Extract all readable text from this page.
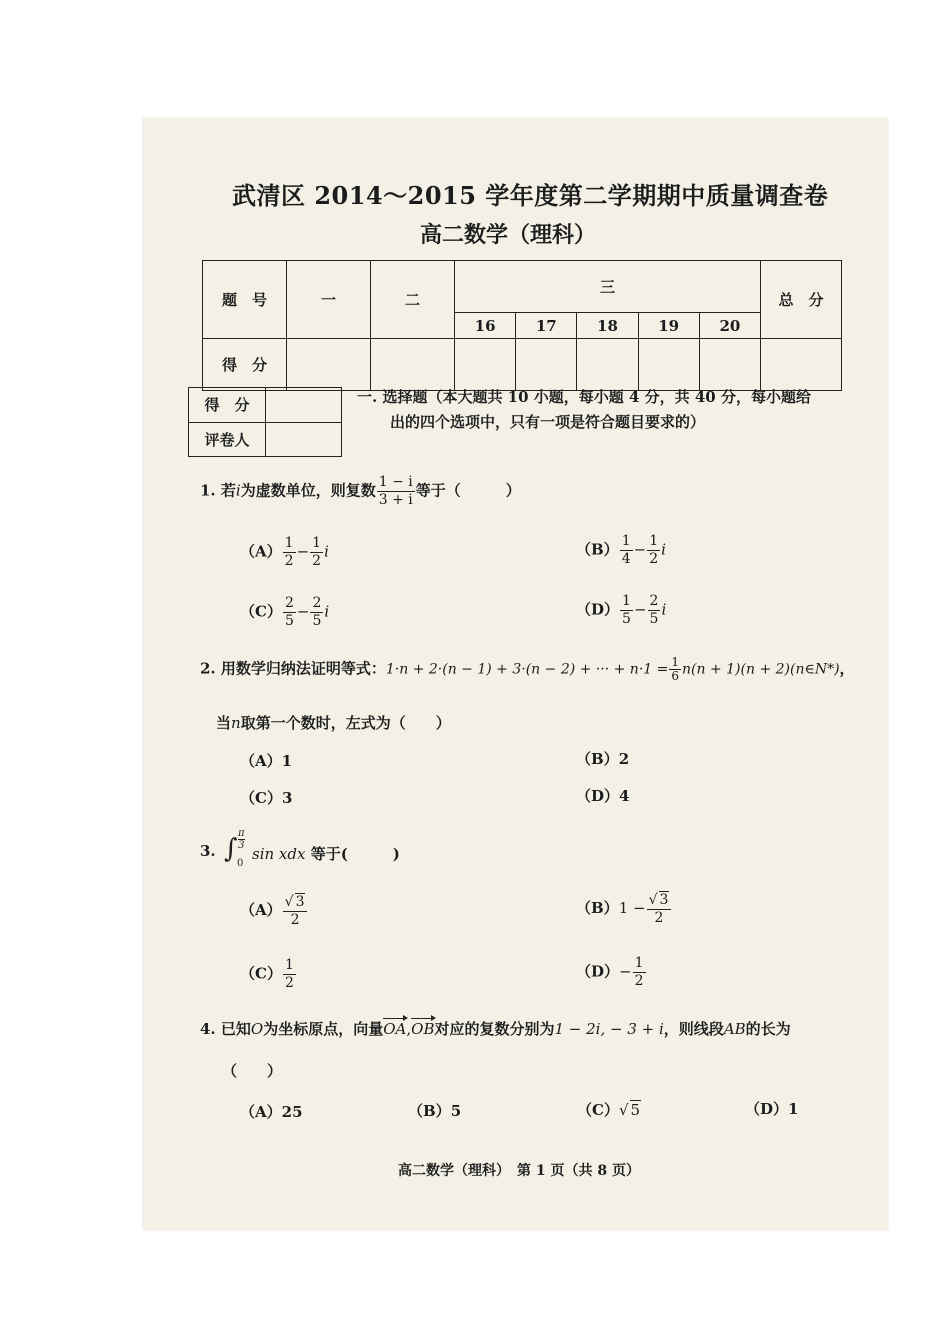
武清区 2014～2015 学年度第二学期期中质量调查卷
高二数学（理科）
题　号	一	二	三					总　分
			16	17	18	19	20	
得　分								
得　分	
评卷人	
一. 选择题（本大题共 10 小题，每小题 4 分，共 40 分，每小题给
出的四个选项中，只有一项是符合题目要求的）
1. 若i为虚数单位，则复数 $\frac{1 - i}{3 + i}$ 等于（　　　）
$(A) \frac{1}{2} - \frac{1}{2}$ i	$(B) \frac{1}{4} - \frac{1}{2}$ i
$(C) \frac{2}{5} - \frac{2}{5}$ i	$(D) \frac{1}{5} - \frac{2}{5}$ i
2. 用数学归纳法证明等式：1·n + 2·(n − 1) + 3·(n − 2) + ··· + $n\cdot 1 = \frac{1}{6} n(n + 1)(n$ + 2)(n∈N*)，
当n取第一个数时，左式为（　　）
（A）1	（B）2
（C）3	（D）4
3. ∫
π
3
0
sin xdx 等于(　　　)
$(A) \frac{√ 3}{2}$	$(B)1 - \frac{√ 3}{2}$
$(C) \frac{1}{2}$	$(D)- \frac{1}{2}$
4. 已知O为坐标原点，向量OA,OB对应的复数分别为1 − 2i, − 3 + i，则线段AB的长为
（　　）
（A）25	（B）5	（C）√ 5	（D）1
高二数学（理科）　第 1 页（共 8 页）
